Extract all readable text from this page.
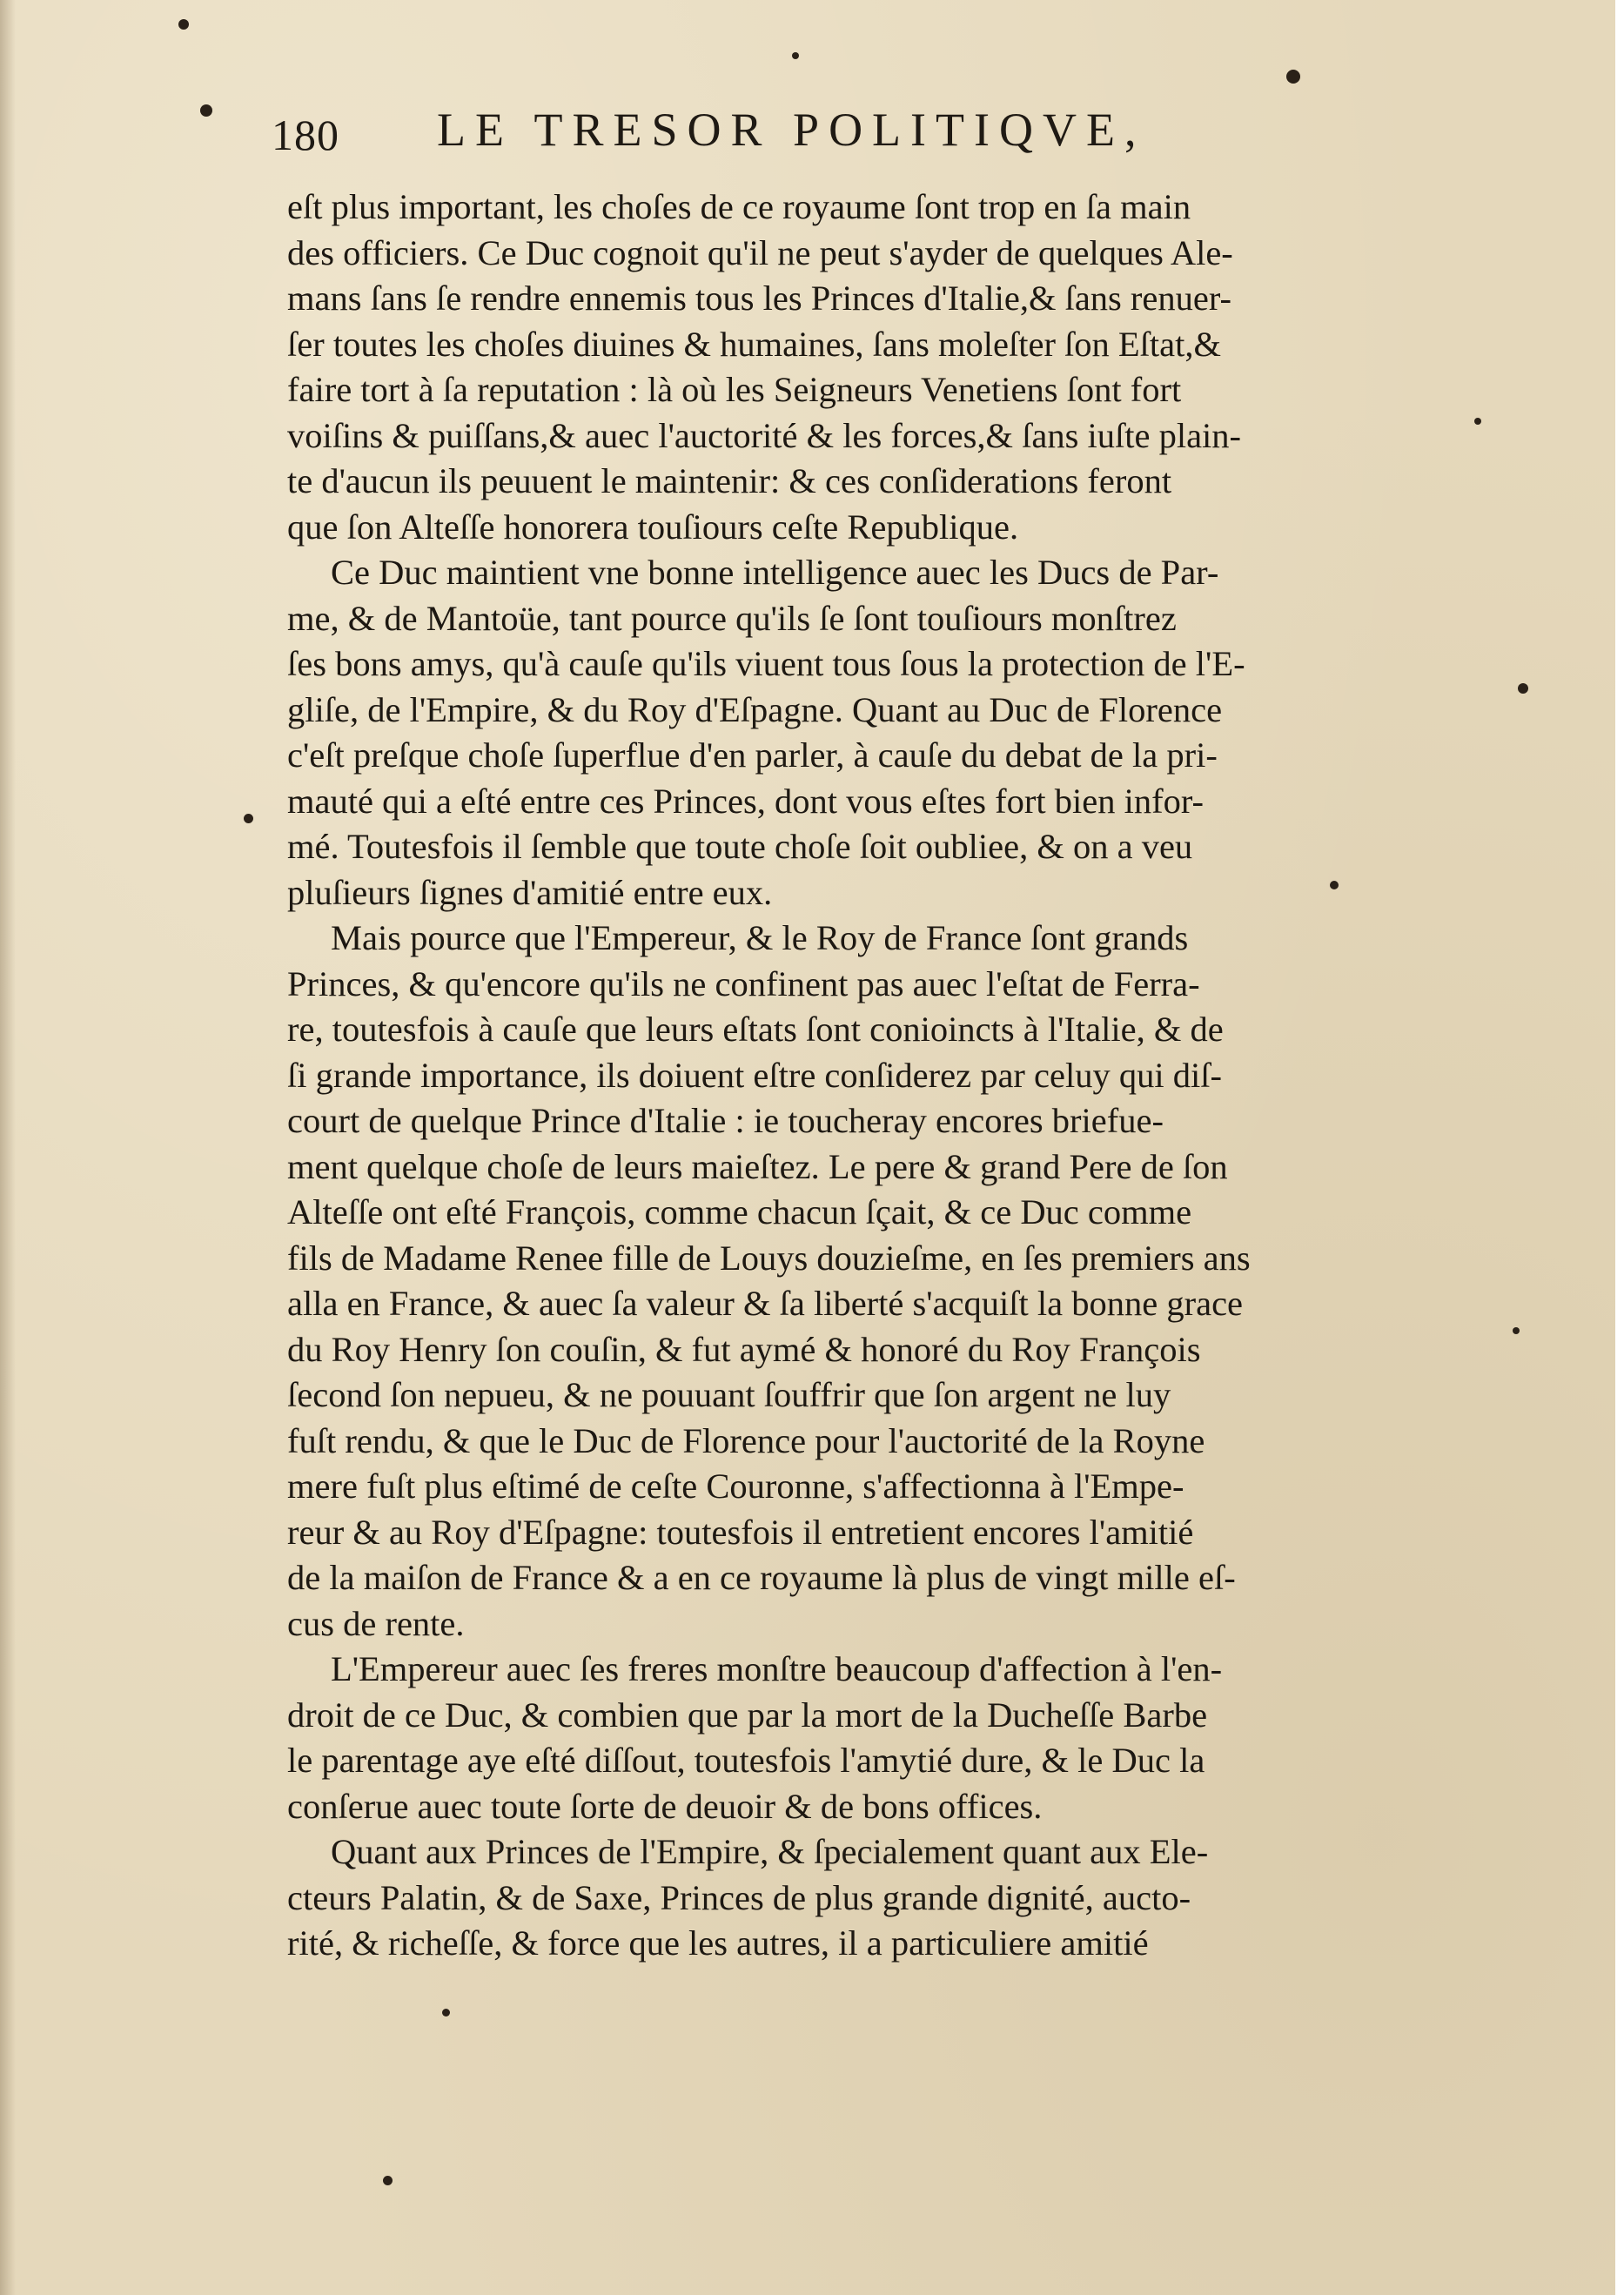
180 LE TRESOR POLITIQVE,
eſt plus important, les choſes de ce royaume ſont trop en ſa main
des officiers. Ce Duc cognoit qu'il ne peut s'ayder de quelques Ale-
mans ſans ſe rendre ennemis tous les Princes d'Italie,& ſans renuer-
ſer toutes les choſes diuines & humaines, ſans moleſter ſon Eſtat,&
faire tort à ſa reputation : là où les Seigneurs Venetiens ſont fort
voiſins & puiſſans,& auec l'auctorité & les forces,& ſans iuſte plain-
te d'aucun ils peuuent le maintenir: & ces conſiderations feront
que ſon Alteſſe honorera touſiours ceſte Republique.
Ce Duc maintient vne bonne intelligence auec les Ducs de Par-
me, & de Mantoüe, tant pource qu'ils ſe ſont touſiours monſtrez
ſes bons amys, qu'à cauſe qu'ils viuent tous ſous la protection de l'E-
gliſe, de l'Empire, & du Roy d'Eſpagne. Quant au Duc de Florence
c'eſt preſque choſe ſuperflue d'en parler, à cauſe du debat de la pri-
mauté qui a eſté entre ces Princes, dont vous eſtes fort bien infor-
mé. Toutesfois il ſemble que toute choſe ſoit oubliee, & on a veu
pluſieurs ſignes d'amitié entre eux.
Mais pource que l'Empereur, & le Roy de France ſont grands
Princes, & qu'encore qu'ils ne confinent pas auec l'eſtat de Ferra-
re, toutesfois à cauſe que leurs eſtats ſont conioincts à l'Italie, & de
ſi grande importance, ils doiuent eſtre conſiderez par celuy qui diſ-
court de quelque Prince d'Italie : ie toucheray encores briefue-
ment quelque choſe de leurs maieſtez. Le pere & grand Pere de ſon
Alteſſe ont eſté François, comme chacun ſçait, & ce Duc comme
fils de Madame Renee fille de Louys douzieſme, en ſes premiers ans
alla en France, & auec ſa valeur & ſa liberté s'acquiſt la bonne grace
du Roy Henry ſon couſin, & fut aymé & honoré du Roy François
ſecond ſon nepueu, & ne pouuant ſouffrir que ſon argent ne luy
fuſt rendu, & que le Duc de Florence pour l'auctorité de la Royne
mere fuſt plus eſtimé de ceſte Couronne, s'affectionna à l'Empe-
reur & au Roy d'Eſpagne: toutesfois il entretient encores l'amitié
de la maiſon de France & a en ce royaume là plus de vingt mille eſ-
cus de rente.
L'Empereur auec ſes freres monſtre beaucoup d'affection à l'en-
droit de ce Duc, & combien que par la mort de la Ducheſſe Barbe
le parentage aye eſté diſſout, toutesfois l'amytié dure, & le Duc la
conſerue auec toute ſorte de deuoir & de bons offices.
Quant aux Princes de l'Empire, & ſpecialement quant aux Ele-
cteurs Palatin, & de Saxe, Princes de plus grande dignité, aucto-
rité, & richeſſe, & force que les autres, il a particuliere amitié
